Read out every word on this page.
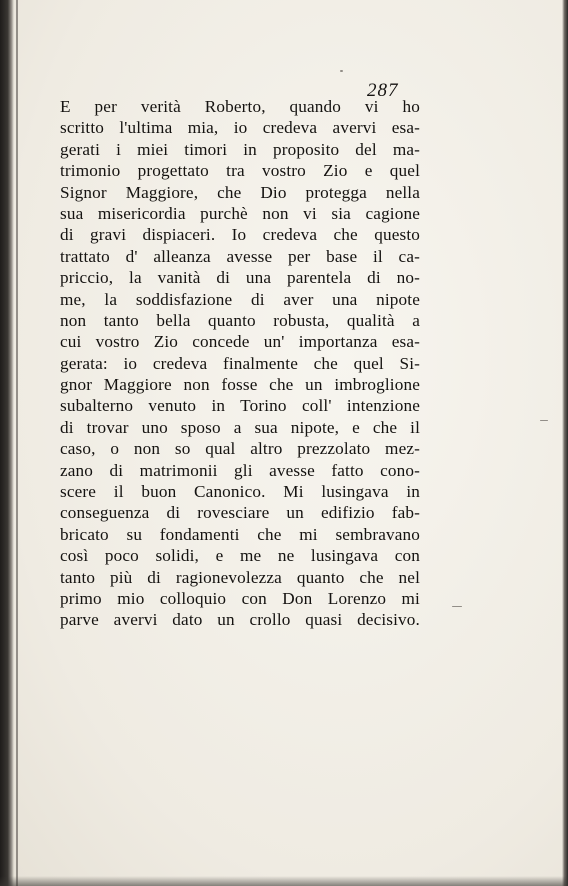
287
E per verità Roberto, quando vi ho
scritto l'ultima mia, io credeva avervi esa-
gerati i miei timori in proposito del ma-
trimonio progettato tra vostro Zio e quel
Signor Maggiore, che Dio protegga nella
sua misericordia purchè non vi sia cagione
di gravi dispiaceri. Io credeva che questo
trattato d' alleanza avesse per base il ca-
priccio, la vanità di una parentela di no-
me, la soddisfazione di aver una nipote
non tanto bella quanto robusta, qualità a
cui vostro Zio concede un' importanza esa-
gerata: io credeva finalmente che quel Si-
gnor Maggiore non fosse che un imbroglione
subalterno venuto in Torino coll' intenzione
di trovar uno sposo a sua nipote, e che il
caso, o non so qual altro prezzolato mez-
zano di matrimonii gli avesse fatto cono-
scere il buon Canonico. Mi lusingava in
conseguenza di rovesciare un edifizio fab-
bricato su fondamenti che mi sembravano
così poco solidi, e me ne lusingava con
tanto più di ragionevolezza quanto che nel
primo mio colloquio con Don Lorenzo mi
parve avervi dato un crollo quasi decisivo.
